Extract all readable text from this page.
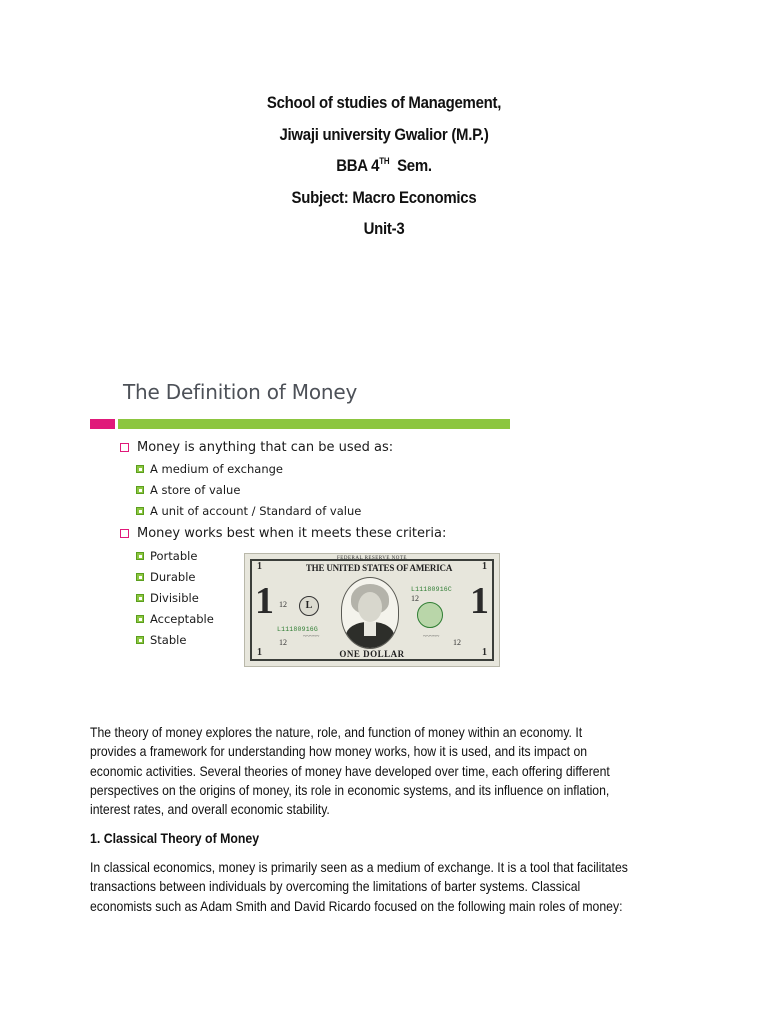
School of studies of Management,
Jiwaji university Gwalior (M.P.)
BBA 4TH Sem.
Subject: Macro Economics
Unit-3
The Definition of Money
Money is anything that can be used as:
A medium of exchange
A store of value
A unit of account / Standard of value
Money works best when it meets these criteria:
Portable
Durable
Divisible
Acceptable
Stable
FEDERAL RESERVE NOTE
THE UNITED STATES OF AMERICA
1	1
1	1
1	1
12
12
12
12
L
L11180916C
L11180916G
~~~~~	~~~~~
ONE DOLLAR

The theory of money explores the nature, role, and function of money within an economy. It provides a framework for understanding how money works, how it is used, and its impact on economic activities. Several theories of money have developed over time, each offering different perspectives on the origins of money, its role in economic systems, and its influence on inflation, interest rates, and overall economic stability.

1. Classical Theory of Money

In classical economics, money is primarily seen as a medium of exchange. It is a tool that facilitates transactions between individuals by overcoming the limitations of barter systems. Classical economists such as Adam Smith and David Ricardo focused on the following main roles of money:
